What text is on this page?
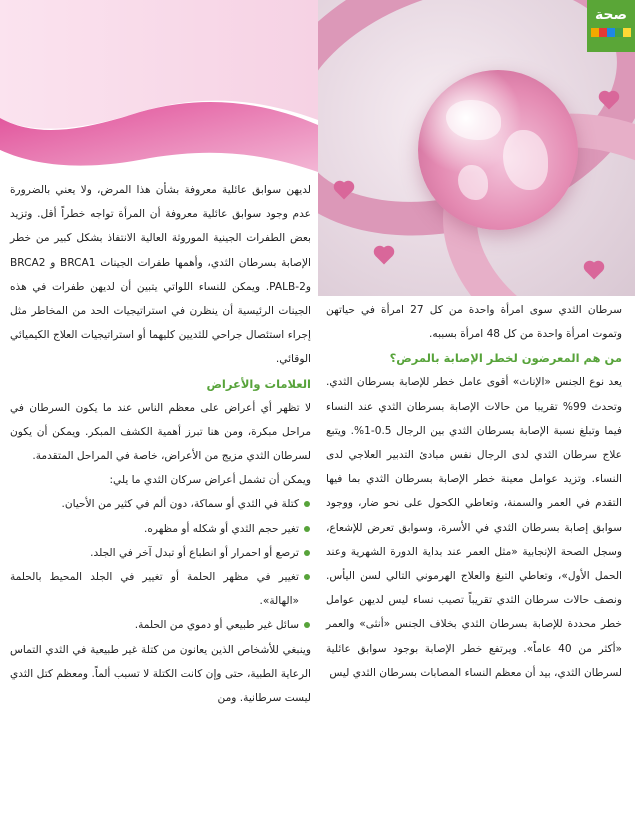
صحة

سرطان الثدي سوى امرأة واحدة من كل 27 امرأة في حياتهن وتموت امرأة واحدة من كل 48 امرأة بسببه.

من هم المعرضون لخطر الإصابة بالمرض؟

يعد نوع الجنس «الإناث» أقوى عامل خطر للإصابة بسرطان الثدي. وتحدث 99% تقريبا من حالات الإصابة بسرطان الثدي عند النساء فيما وتبلغ نسبة الإصابة بسرطان الثدي بين الرجال 0.5-1%. ويتبع علاج سرطان الثدي لدى الرجال نفس مبادئ التدبير العلاجي لدى النساء. وتزيد عوامل معينة خطر الإصابة بسرطان الثدي بما فيها التقدم في العمر والسمنة، وتعاطي الكحول على نحو ضار، ووجود سوابق إصابة بسرطان الثدي في الأسرة، وسوابق تعرض للإشعاع، وسجل الصحة الإنجابية «مثل العمر عند بداية الدورة الشهرية وعند الحمل الأول»، وتعاطي التبغ والعلاج الهرموني التالي لسن اليأس. ونصف حالات سرطان الثدي تقريباً تصيب نساء ليس لديهن عوامل خطر محددة للإصابة بسرطان الثدي بخلاف الجنس «أنثى» والعمر «أكثر من 40 عاماً». ويرتفع خطر الإصابة بوجود سوابق عائلية لسرطان الثدي، بيد أن معظم النساء المصابات بسرطان الثدي ليس

لديهن سوابق عائلية معروفة بشأن هذا المرض، ولا يعني بالضرورة عدم وجود سوابق عائلية معروفة أن المرأة تواجه خطراً أقل. وتزيد بعض الطفرات الجينية الموروثة العالية الانتفاذ بشكل كبير من خطر الإصابة بسرطان الثدي، وأهمها طفرات الجينات BRCA1 و BRCA2 وPALB-2. ويمكن للنساء اللواتي يتبين أن لديهن طفرات في هذه الجينات الرئيسية أن ينظرن في استراتيجيات الحد من المخاطر مثل إجراء استئصال جراحي للثديين كليهما أو استراتيجيات العلاج الكيميائي الوقائي.

العلامات والأعراض

لا تظهر أي أعراض على معظم الناس عند ما يكون السرطان في مراحل مبكرة، ومن هنا تبرز أهمية الكشف المبكر. ويمكن أن يكون لسرطان الثدي مزيج من الأعراض، خاصة في المراحل المتقدمة.

ويمكن أن تشمل أعراض سركان الثدي ما يلي:

كتلة في الثدي أو سماكة، دون ألم في كثير من الأحيان.
تغير حجم الثدي أو شكله أو مظهره.
ترصع أو احمرار أو انطباع أو تبدل آخر في الجلد.
تغيير في مظهر الحلمة أو تغيير في الجلد المحيط بالحلمة «الهالة».
سائل غير طبيعي أو دموي من الحلمة.

وينبغي للأشخاص الذين يعانون من كتلة غير طبيعية في الثدي التماس الرعاية الطبية، حتى وإن كانت الكتلة لا تسبب ألماً. ومعظم كتل الثدي ليست سرطانية. ومن
